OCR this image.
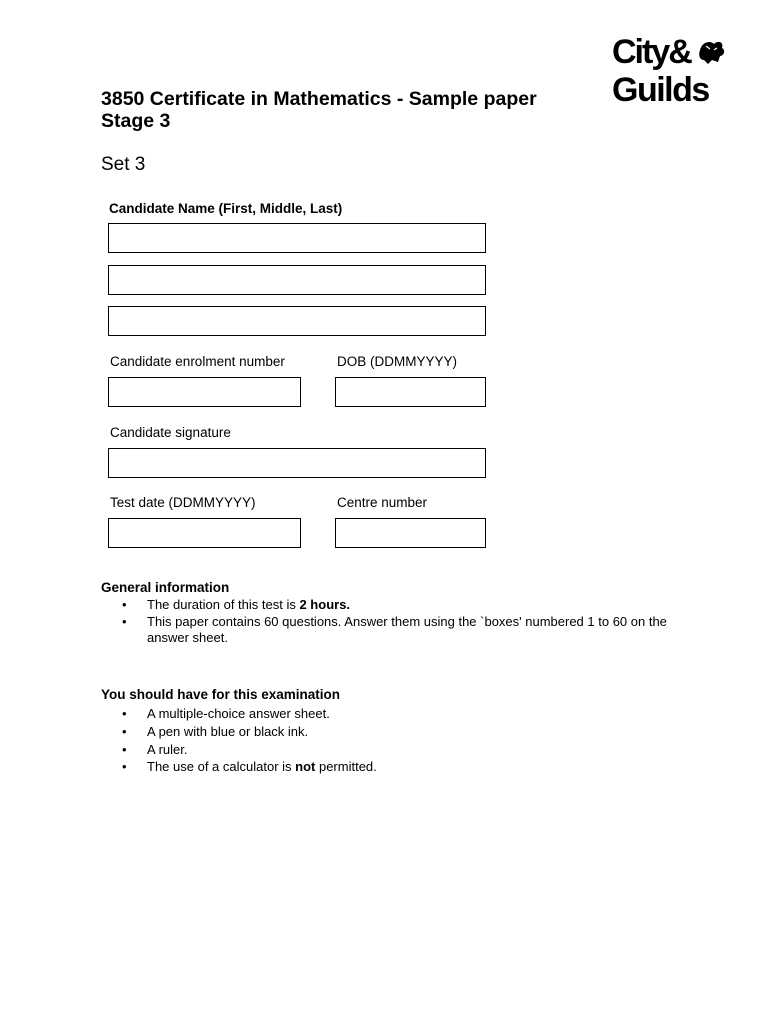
City&
Guilds
3850 Certificate in Mathematics - Sample paper
Stage 3
Set 3
Candidate Name (First, Middle, Last)
Candidate enrolment number	DOB (DDMMYYYY)
Candidate signature
Test date (DDMMYYYY)	Centre number
General information
• The duration of this test is 2 hours.
• This paper contains 60 questions. Answer them using the `boxes' numbered 1 to 60 on the answer sheet.
You should have for this examination
• A multiple-choice answer sheet.
• A pen with blue or black ink.
• A ruler.
• The use of a calculator is not permitted.
